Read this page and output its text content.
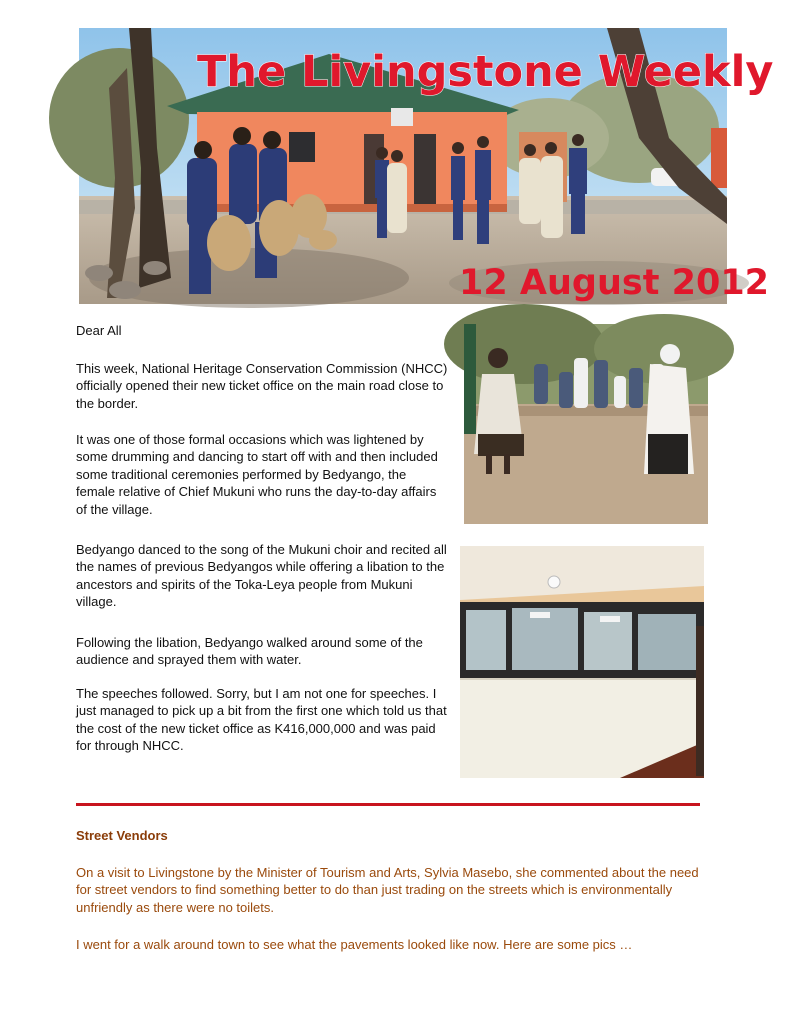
The Livingstone Weekly
12 August 2012

Dear All

This week, National Heritage Conservation Commission (NHCC) officially opened their new ticket office on the main road close to the border.

It was one of those formal occasions which was lightened by some drumming and dancing to start off with and then included some traditional ceremonies performed by Bedyango, the female relative of Chief Mukuni who runs the day-to-day affairs of the village.

Bedyango danced to the song of the Mukuni choir and recited all the names of previous Bedyangos while offering a libation to the ancestors and spirits of the Toka-Leya people from Mukuni village.

Following the libation, Bedyango walked around some of the audience and sprayed them with water.

The speeches followed. Sorry, but I am not one for speeches. I just managed to pick up a bit from the first one which told us that the cost of the new ticket office as K416,000,000 and was paid for through NHCC.

Street Vendors

On a visit to Livingstone by the Minister of Tourism and Arts, Sylvia Masebo, she commented about the need for street vendors to find something better to do than just trading on the streets which is environmentally unfriendly as there were no toilets.

I went for a walk around town to see what the pavements looked like now. Here are some pics …
